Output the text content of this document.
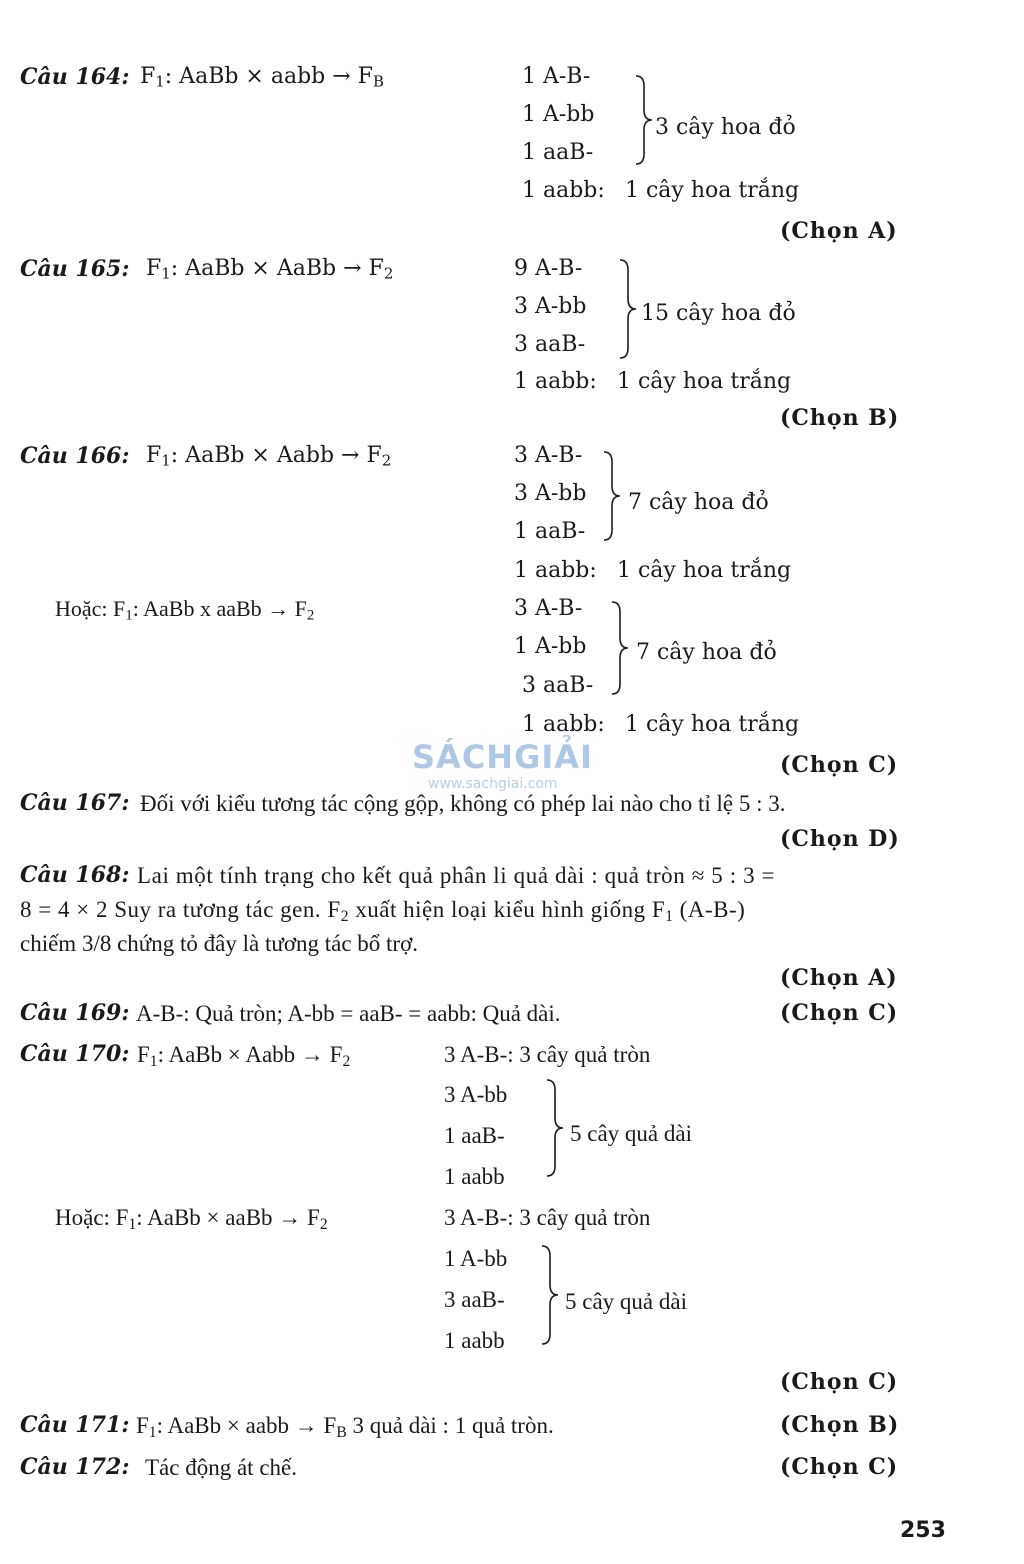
Câu 164: $F_1$: AaBb × aabb → $F_B$	1 A-B-
1 A-bb
1 aaB-
1 aabb:
3 cây hoa đỏ
1 cây hoa trắng
(Chọn A)
Câu 165: $F_1$: AaBb × AaBb → $F_2$	9 A-B-
3 A-bb
3 aaB-
1 aabb:
15 cây hoa đỏ
1 cây hoa trắng
(Chọn B)
Câu 166: $F_1$: AaBb × Aabb → $F_2$	3 A-B-
3 A-bb
1 aaB-
1 aabb:
7 cây hoa đỏ
1 cây hoa trắng
Hoặc: $F_1$: AaBb x aaBb → $F_2$	3 A-B-
1 A-bb
3 aaB-
1 aabb:
7 cây hoa đỏ
1 cây hoa trắng
(Chọn C)
SÁCHGIẢI
www.sachgiai.com
Câu 167: Đối với kiểu tương tác cộng gộp, không có phép lai nào cho tỉ lệ 5 : 3.
(Chọn D)
Câu 168: Lai một tính trạng cho kết quả phân li quả dài : quả tròn ≈ 5 : 3 =
8 = 4 × 2 Suy ra tương tác gen. $F_2$ xuất hiện loại kiểu hình giống $F_1$ (A-B-)
chiếm 3/8 chứng tỏ đây là tương tác bổ trợ.
(Chọn A)
Câu 169: A-B-: Quả tròn; A-bb = aaB- = aabb: Quả dài.	(Chọn C)
Câu 170: $F_1$: AaBb × Aabb → $F_2$	3 A-B-: 3 cây quả tròn
3 A-bb
1 aaB-
1 aabb
5 cây quả dài
Hoặc: $F_1$: AaBb × aaBb → $F_2$	3 A-B-: 3 cây quả tròn
1 A-bb
3 aaB-
1 aabb
5 cây quả dài
(Chọn C)
Câu 171: $F_1$: AaBb × aabb → $F_B$ 3 quả dài : 1 quả tròn.	(Chọn B)
Câu 172: Tác động át chế.	(Chọn C)
253
